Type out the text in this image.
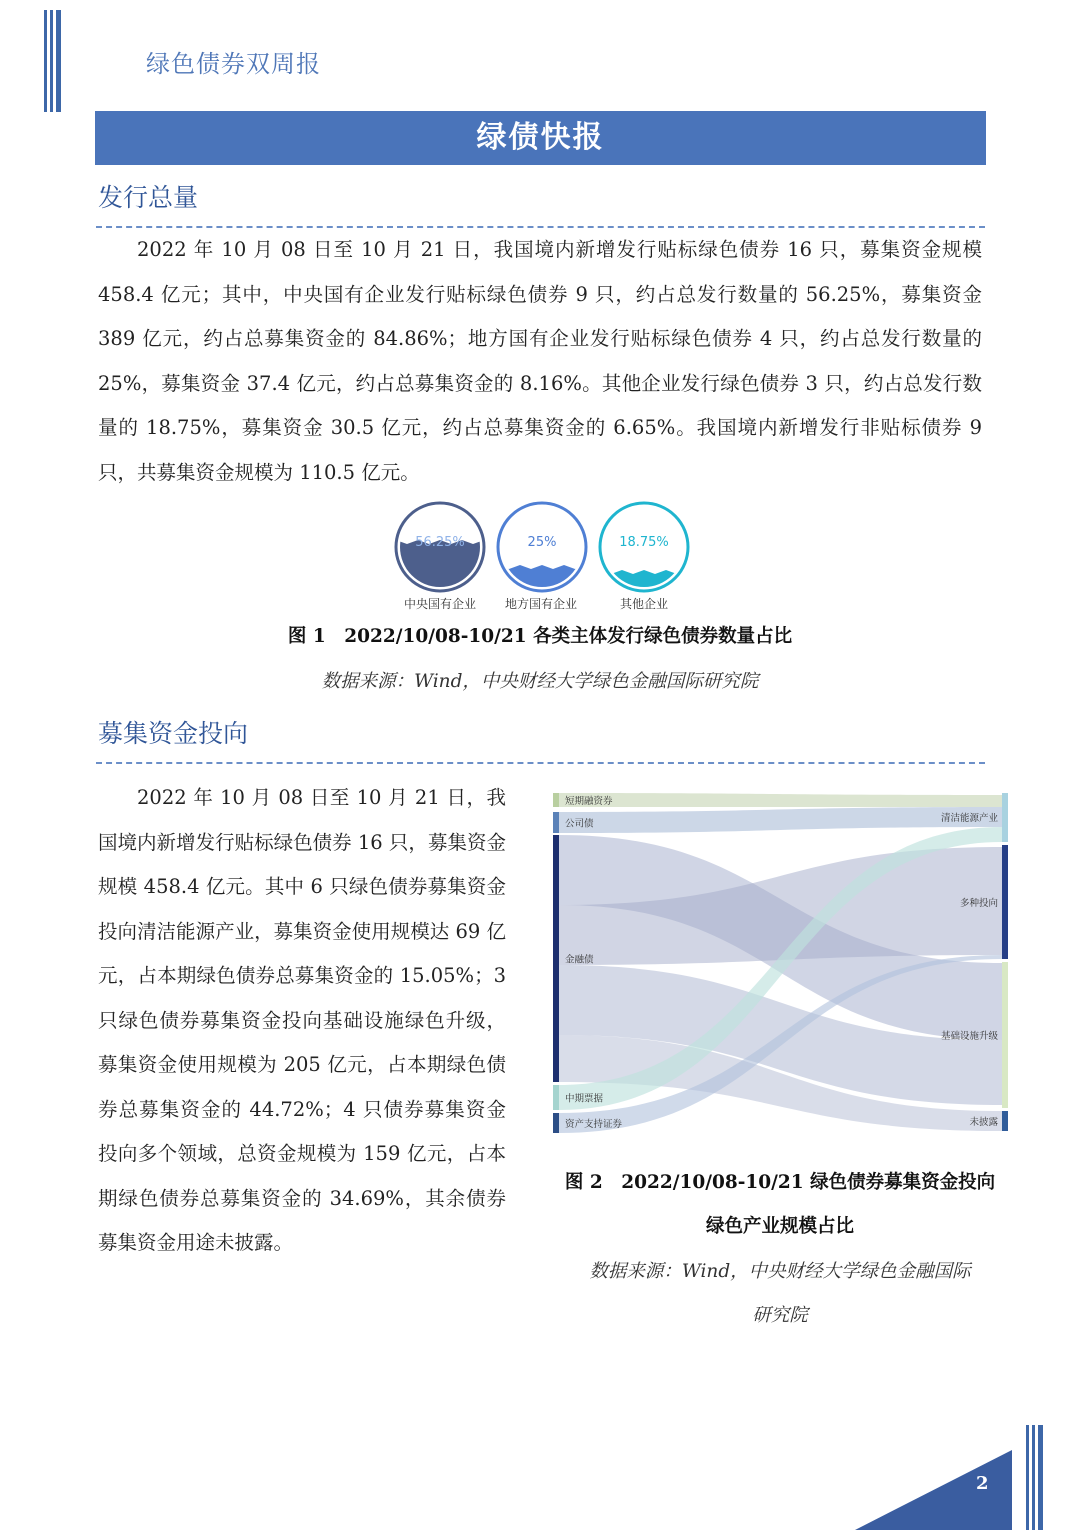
绿色债券双周报
绿债快报
发行总量
2022 年 10 月 08 日至 10 月 21 日，我国境内新增发行贴标绿色债券 16 只，募集资金规模 458.4 亿元；其中，中央国有企业发行贴标绿色债券 9 只，约占总发行数量的 56.25%，募集资金 389 亿元，约占总募集资金的 84.86%；地方国有企业发行贴标绿色债券 4 只，约占总发行数量的 25%，募集资金 37.4 亿元，约占总募集资金的 8.16%。其他企业发行绿色债券 3 只，约占总发行数量的 18.75%，募集资金 30.5 亿元，约占总募集资金的 6.65%。我国境内新增发行非贴标债券 9 只，共募集资金规模为 110.5 亿元。
56.25%	25%	18.75%
中央国有企业	地方国有企业	其他企业
图 1　2022/10/08-10/21 各类主体发行绿色债券数量占比
数据来源：Wind，中央财经大学绿色金融国际研究院
募集资金投向
2022 年 10 月 08 日至 10 月 21 日，我国境内新增发行贴标绿色债券 16 只，募集资金规模 458.4 亿元。其中 6 只绿色债券募集资金投向清洁能源产业，募集资金使用规模达 69 亿元，占本期绿色债券总募集资金的 15.05%；3 只绿色债券募集资金投向基础设施绿色升级，募集资金使用规模为 205 亿元，占本期绿色债券总募集资金的 44.72%；4 只债券募集资金投向多个领域，总资金规模为 159 亿元，占本期绿色债券总募集资金的 34.69%，其余债券募集资金用途未披露。
短期融资券
公司债
金融债
中期票据
资产支持证券
清洁能源产业
多种投向
基础设施升级
未披露
图 2　2022/10/08-10/21 绿色债券募集资金投向
绿色产业规模占比
数据来源：Wind，中央财经大学绿色金融国际
研究院
2
